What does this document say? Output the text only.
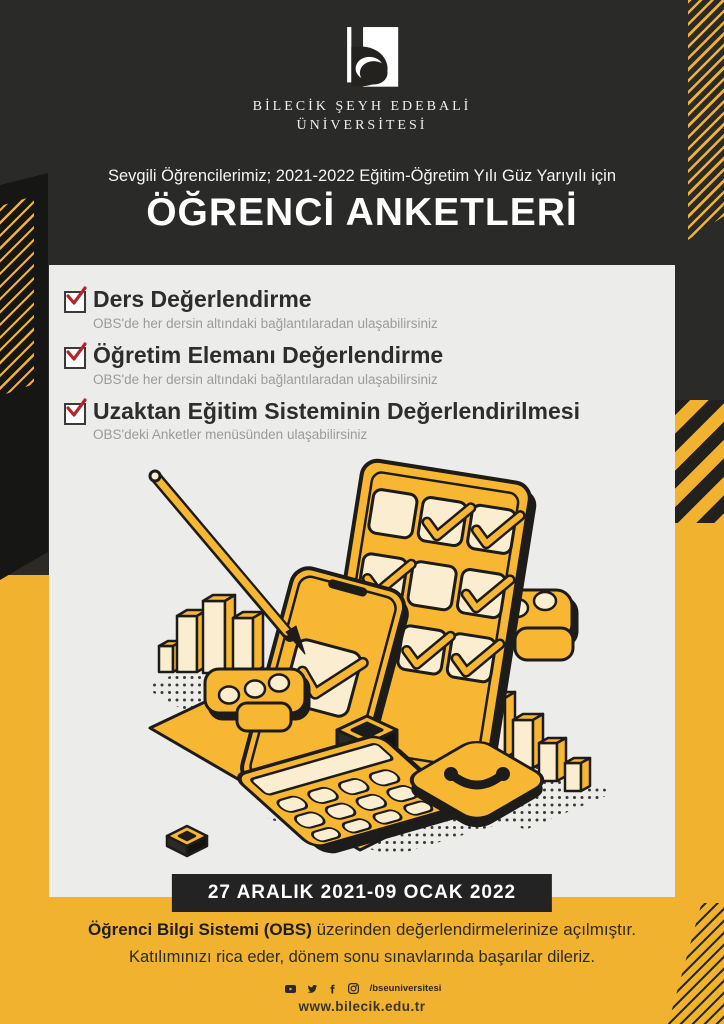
BİLECİK ŞEYH EDEBALİ
ÜNİVERSİTESİ
Sevgili Öğrencilerimiz; 2021-2022 Eğitim-Öğretim Yılı Güz Yarıyılı için
ÖĞRENCİ ANKETLERİ
Ders Değerlendirme
OBS'de her dersin altındaki bağlantılaradan ulaşabilirsiniz
Öğretim Elemanı Değerlendirme
OBS'de her dersin altındaki bağlantılaradan ulaşabilirsiniz
Uzaktan Eğitim Sisteminin Değerlendirilmesi
OBS'deki Anketler menüsünden ulaşabilirsiniz
27 ARALIK 2021-09 OCAK 2022
Öğrenci Bilgi Sistemi (OBS) üzerinden değerlendirmelerinize açılmıştır.
Katılımınızı rica eder, dönem sonu sınavlarında başarılar dileriz.
/bseuniversitesi
www.bilecik.edu.tr
